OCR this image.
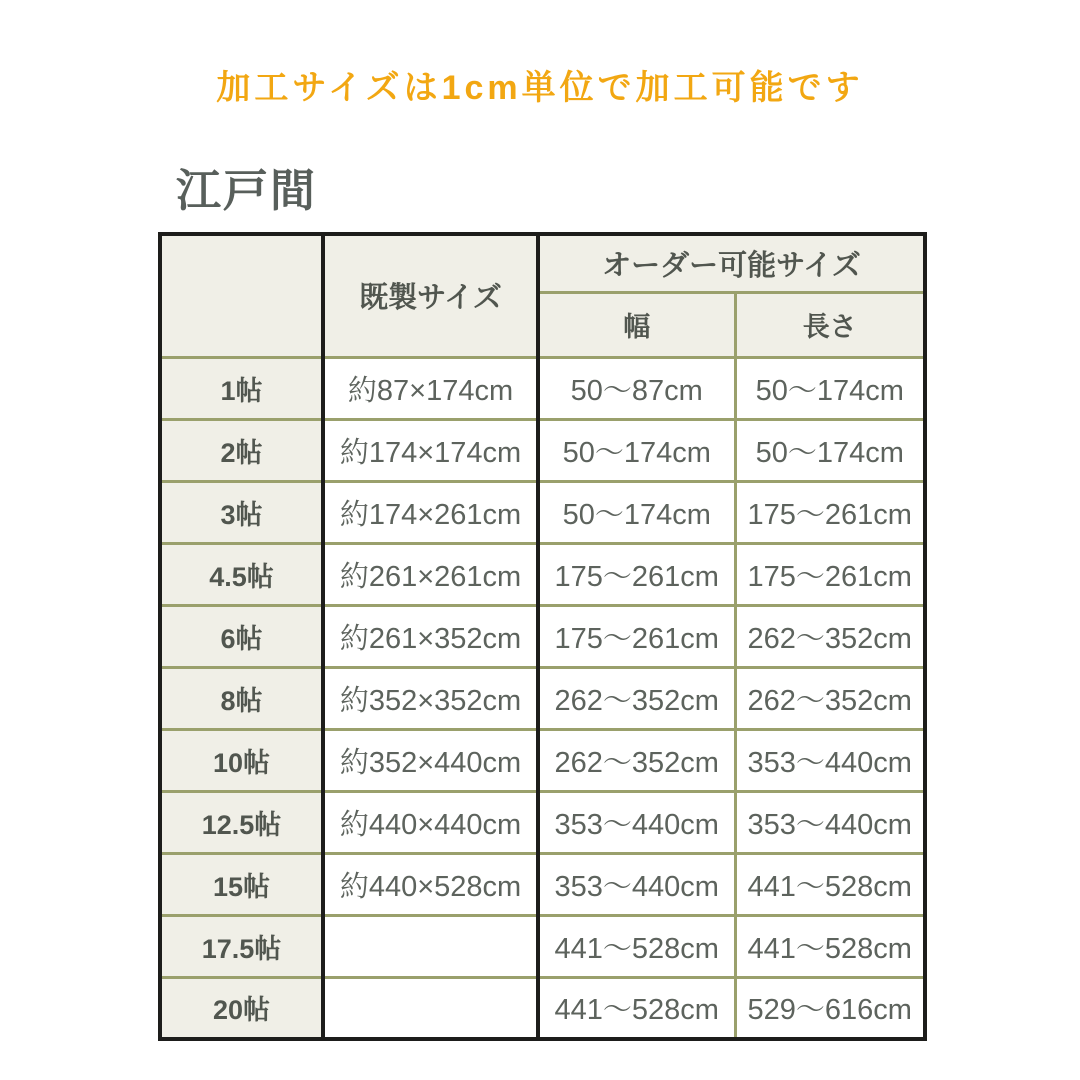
加工サイズは1cm単位で加工可能です
江戸間
	既製サイズ	オーダー可能サイズ	
		幅	長さ
1帖	約87×174cm	50〜87cm	50〜174cm
2帖	約174×174cm	50〜174cm	50〜174cm
3帖	約174×261cm	50〜174cm	175〜261cm
4.5帖	約261×261cm	175〜261cm	175〜261cm
6帖	約261×352cm	175〜261cm	262〜352cm
8帖	約352×352cm	262〜352cm	262〜352cm
10帖	約352×440cm	262〜352cm	353〜440cm
12.5帖	約440×440cm	353〜440cm	353〜440cm
15帖	約440×528cm	353〜440cm	441〜528cm
17.5帖		441〜528cm	441〜528cm
20帖		441〜528cm	529〜616cm
